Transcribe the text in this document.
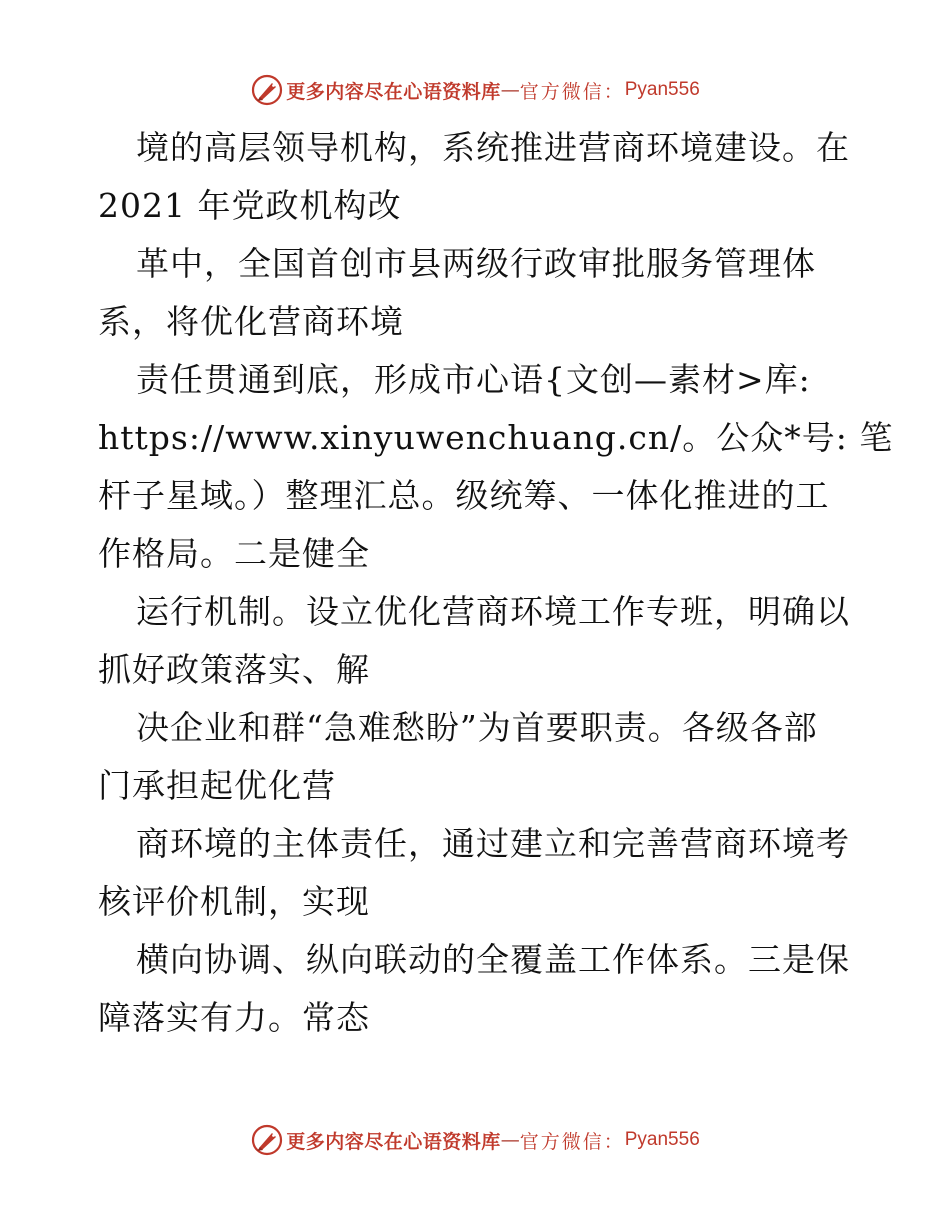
更多内容尽在心语资料库 — 官方微信： Pyan556
境的高层领导机构，系统推进营商环境建设。在
2021 年党政机构改
革中，全国首创市县两级行政审批服务管理体
系，将优化营商环境
责任贯通到底，形成市心语{文创—素材>库:
https://www.xinyuwenchuang.cn/。公众*号: 笔
杆子星域。）整理汇总。级统筹、一体化推进的工
作格局。二是健全
运行机制。设立优化营商环境工作专班，明确以
抓好政策落实、解
决企业和群“急难愁盼”为首要职责。各级各部
门承担起优化营
商环境的主体责任，通过建立和完善营商环境考
核评价机制，实现
横向协调、纵向联动的全覆盖工作体系。三是保
障落实有力。常态
更多内容尽在心语资料库 — 官方微信： Pyan556
